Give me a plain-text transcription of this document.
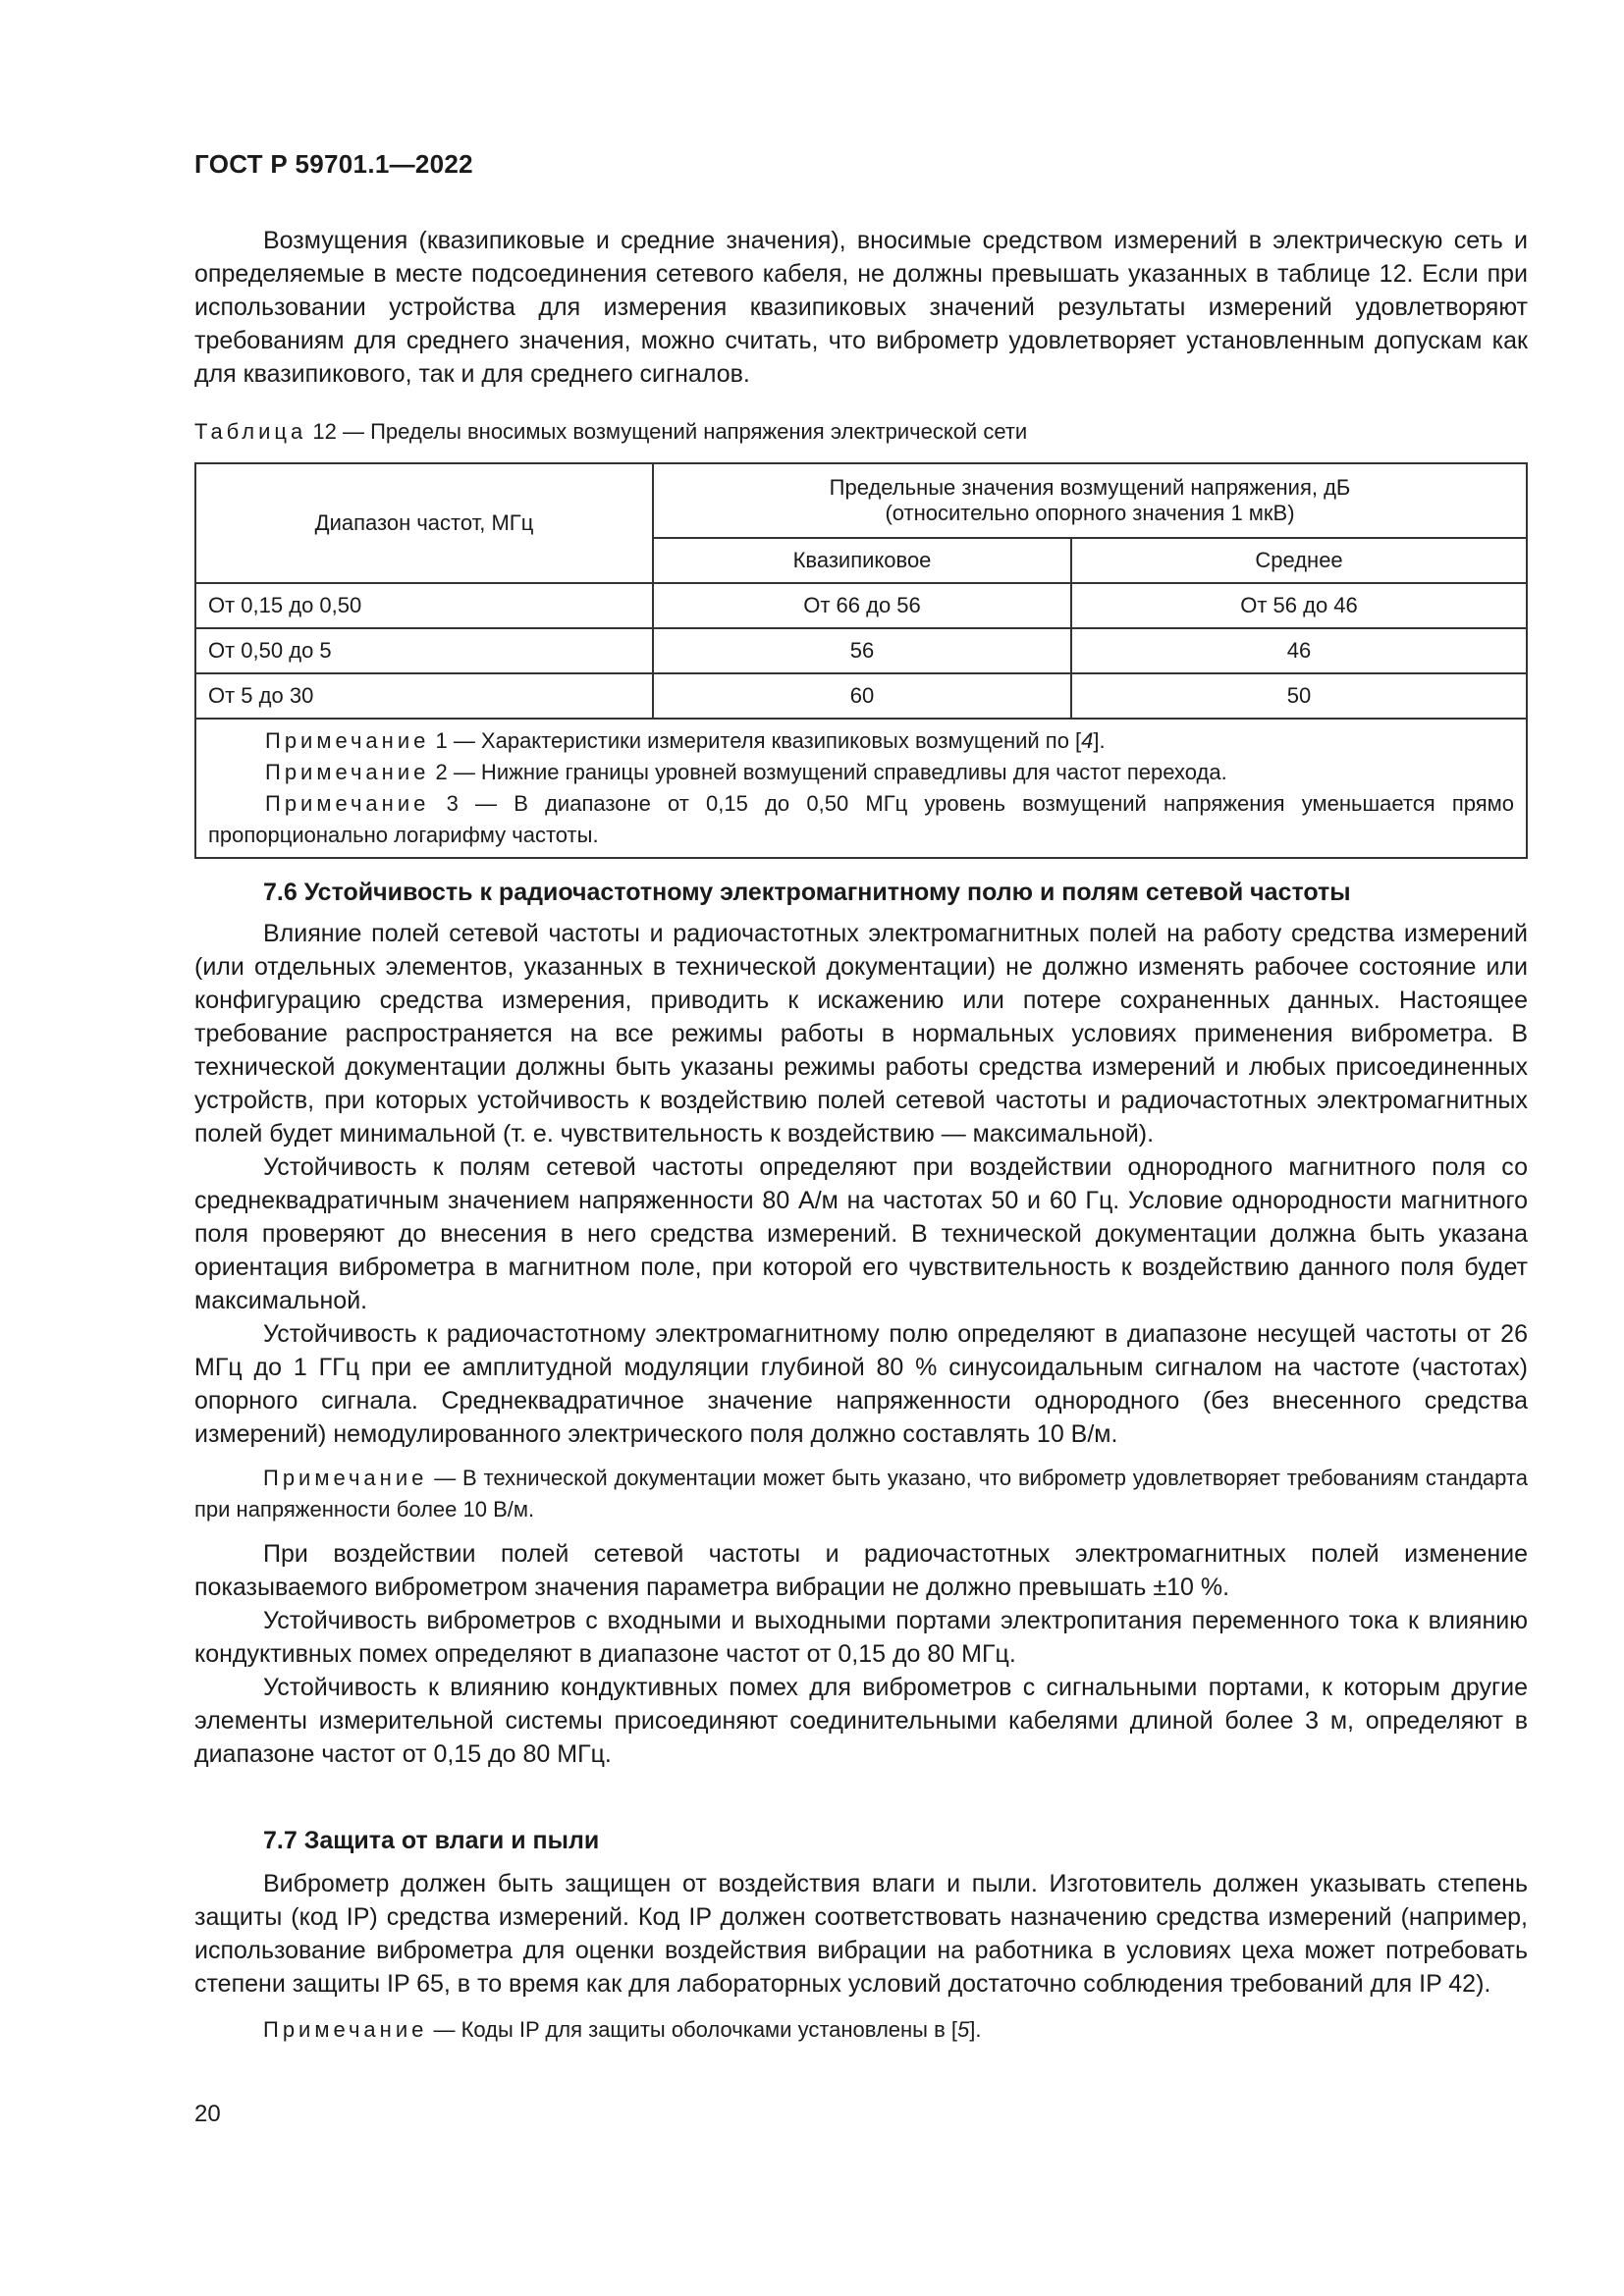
ГОСТ Р 59701.1—2022

Возмущения (квазипиковые и средние значения), вносимые средством измерений в электрическую сеть и определяемые в месте подсоединения сетевого кабеля, не должны превышать указанных в таблице 12. Если при использовании устройства для измерения квазипиковых значений результаты измерений удовлетворяют требованиям для среднего значения, можно считать, что виброметр удовлетворяет установленным допускам как для квазипикового, так и для среднего сигналов.

Таблица 12 — Пределы вносимых возмущений напряжения электрической сети

Диапазон частот, МГц	Предельные значения возмущений напряжения, дБ
(относительно опорного значения 1 мкВ)	

	Квазипиковое	Среднее
От 0,15 до 0,50	От 66 до 56	От 56 до 46
От 0,50 до 5	56	46
От 5 до 30	60	50

Примечание 1 — Характеристики измерителя квазипиковых возмущений по [4].

Примечание 2 — Нижние границы уровней возмущений справедливы для частот перехода.

Примечание 3 — В диапазоне от 0,15 до 0,50 МГц уровень возмущений напряжения уменьшается прямо пропорционально логарифму частоты.

7.6 Устойчивость к радиочастотному электромагнитному полю и полям сетевой частоты

Влияние полей сетевой частоты и радиочастотных электромагнитных полей на работу средства измерений (или отдельных элементов, указанных в технической документации) не должно изменять рабочее состояние или конфигурацию средства измерения, приводить к искажению или потере сохраненных данных. Настоящее требование распространяется на все режимы работы в нормальных условиях применения виброметра. В технической документации должны быть указаны режимы работы средства измерений и любых присоединенных устройств, при которых устойчивость к воздействию полей сетевой частоты и радиочастотных электромагнитных полей будет минимальной (т. е. чувствительность к воздействию — максимальной).

Устойчивость к полям сетевой частоты определяют при воздействии однородного магнитного поля со среднеквадратичным значением напряженности 80 А/м на частотах 50 и 60 Гц. Условие однородности магнитного поля проверяют до внесения в него средства измерений. В технической документации должна быть указана ориентация виброметра в магнитном поле, при которой его чувствительность к воздействию данного поля будет максимальной.

Устойчивость к радиочастотному электромагнитному полю определяют в диапазоне несущей частоты от 26 МГц до 1 ГГц при ее амплитудной модуляции глубиной 80 % синусоидальным сигналом на частоте (частотах) опорного сигнала. Среднеквадратичное значение напряженности однородного (без внесенного средства измерений) немодулированного электрического поля должно составлять 10 В/м.

Примечание — В технической документации может быть указано, что виброметр удовлетворяет требованиям стандарта при напряженности более 10 В/м.

При воздействии полей сетевой частоты и радиочастотных электромагнитных полей изменение показываемого виброметром значения параметра вибрации не должно превышать ±10 %.

Устойчивость виброметров с входными и выходными портами электропитания переменного тока к влиянию кондуктивных помех определяют в диапазоне частот от 0,15 до 80 МГц.

Устойчивость к влиянию кондуктивных помех для виброметров с сигнальными портами, к которым другие элементы измерительной системы присоединяют соединительными кабелями длиной более 3 м, определяют в диапазоне частот от 0,15 до 80 МГц.

7.7 Защита от влаги и пыли

Виброметр должен быть защищен от воздействия влаги и пыли. Изготовитель должен указывать степень защиты (код IP) средства измерений. Код IP должен соответствовать назначению средства измерений (например, использование виброметра для оценки воздействия вибрации на работника в условиях цеха может потребовать степени защиты IP 65, в то время как для лабораторных условий достаточно соблюдения требований для IP 42).

Примечание — Коды IP для защиты оболочками установлены в [5].

20
